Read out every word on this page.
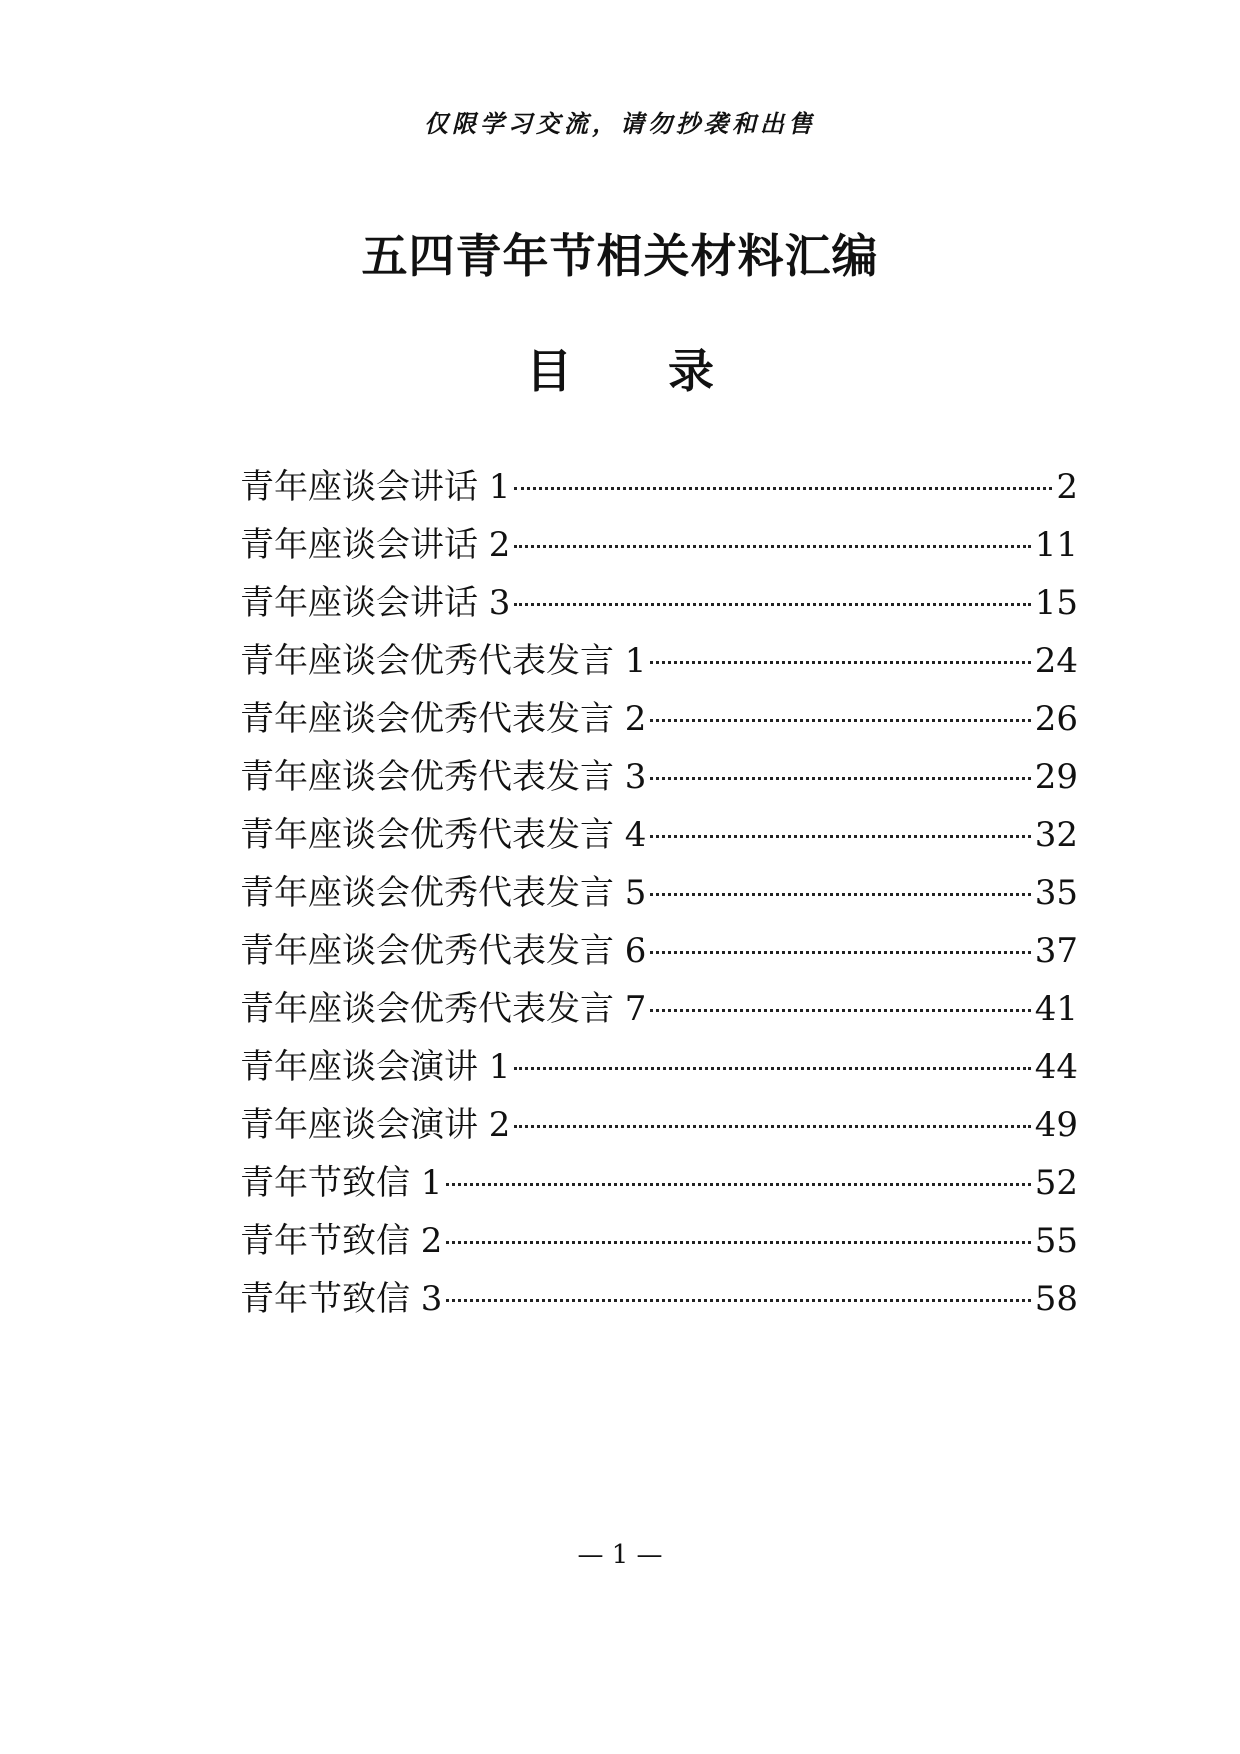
仅限学习交流，请勿抄袭和出售
五四青年节相关材料汇编
目 录
青年座谈会讲话 1	2
青年座谈会讲话 2	11
青年座谈会讲话 3	15
青年座谈会优秀代表发言 1	24
青年座谈会优秀代表发言 2	26
青年座谈会优秀代表发言 3	29
青年座谈会优秀代表发言 4	32
青年座谈会优秀代表发言 5	35
青年座谈会优秀代表发言 6	37
青年座谈会优秀代表发言 7	41
青年座谈会演讲 1	44
青年座谈会演讲 2	49
青年节致信 1	52
青年节致信 2	55
青年节致信 3	58
— 1 —
